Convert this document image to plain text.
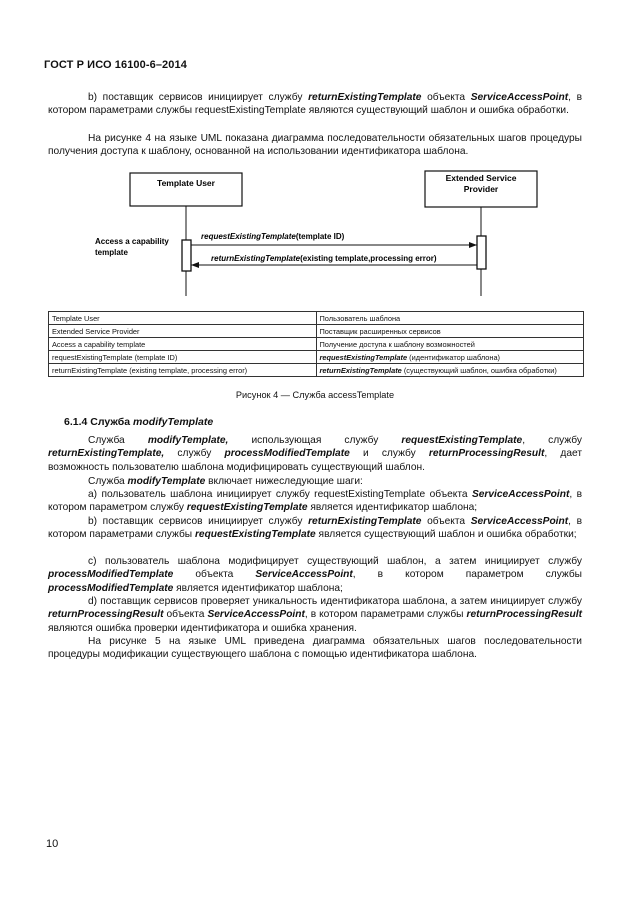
ГОСТ Р ИСО 16100-6–2014
b) поставщик сервисов инициирует службу returnExistingTemplate объекта ServiceAccessPoint, в котором параметрами службы requestExistingTemplate являются существующий шаблон и ошибка обработки.
На рисунке 4 на языке UML показана диаграмма последовательности обязательных шагов процедуры получения доступа к шаблону, основанной на использовании идентификатора шаблона.
Template User	Extended Service
Provider
Access a capability
template
requestExistingTemplate(template ID)
returnExistingTemplate(existing template,processing error)
Template User	Пользователь шаблона
Extended Service Provider	Поставщик расширенных сервисов
Access a capability template	Получение доступа к шаблону возможностей
requestExistingTemplate (template ID)	requestExistingTemplate (идентификатор шаблона)
returnExistingTemplate (existing template, processing error)	returnExistingTemplate (существующий шаблон, ошибка обработки)
Рисунок 4 — Служба accessTemplate
6.1.4 Служба modifyTemplate
Служба modifyTemplate, использующая службу requestExistingTemplate, службу returnExistingTemplate, службу processModifiedTemplate и службу returnProcessingResult, дает возможность пользователю шаблона модифицировать существующий шаблон.
Служба modifyTemplate включает нижеследующие шаги:
а) пользователь шаблона инициирует службу requestExistingTemplate объекта ServiceAccessPoint, в котором параметром службу requestExistingTemplate является идентификатор шаблона;
b) поставщик сервисов инициирует службу returnExistingTemplate объекта ServiceAccessPoint, в котором параметрами службы requestExistingTemplate является существующий шаблон и ошибка обработки;
с) пользователь шаблона модифицирует существующий шаблон, а затем инициирует службу processModifiedTemplate объекта ServiceAccessPoint, в котором параметром службы processModifiedTemplate является идентификатор шаблона;
d) поставщик сервисов проверяет уникальность идентификатора шаблона, а затем инициирует службу returnProcessingResult объекта ServiceAccessPoint, в котором параметрами службы returnProcessingResult являются ошибка проверки идентификатора и ошибка хранения.
На рисунке 5 на языке UML приведена диаграмма обязательных шагов последовательности процедуры модификации существующего шаблона с помощью идентификатора шаблона.
10
